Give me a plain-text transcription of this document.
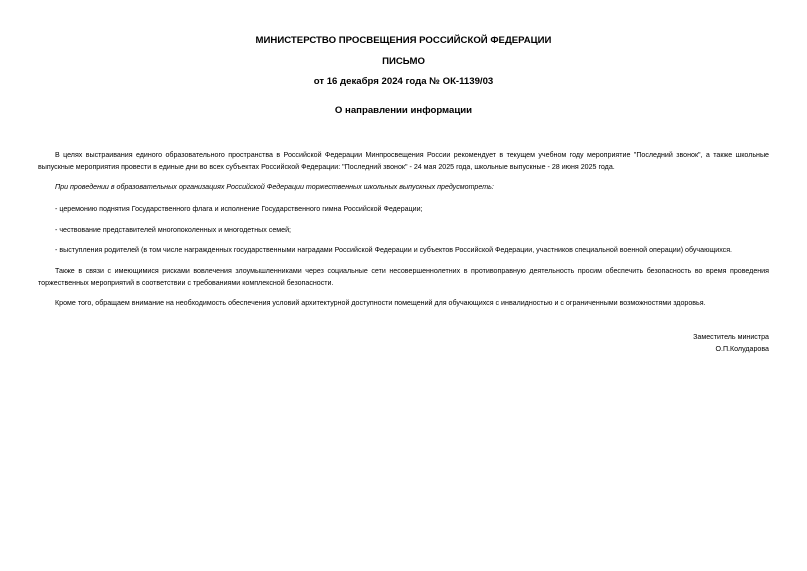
МИНИСТЕРСТВО ПРОСВЕЩЕНИЯ РОССИЙСКОЙ ФЕДЕРАЦИИ
ПИСЬМО
от 16 декабря 2024 года № ОК-1139/03
О направлении информации

В целях выстраивания единого образовательного пространства в Российской Федерации Минпросвещения России рекомендует в текущем учебном году мероприятие "Последний звонок", а также школьные выпускные мероприятия провести в единые дни во всех субъектах Российской Федерации: "Последний звонок" - 24 мая 2025 года, школьные выпускные - 28 июня 2025 года.

При проведении в образовательных организациях Российской Федерации торжественных школьных выпускных предусмотреть:

- церемонию поднятия Государственного флага и исполнение Государственного гимна Российской Федерации;

- чествование представителей многопоколенных и многодетных семей;

- выступления родителей (в том числе награжденных государственными наградами Российской Федерации и субъектов Российской Федерации, участников специальной военной операции) обучающихся.

Также в связи с имеющимися рисками вовлечения злоумышленниками через социальные сети несовершеннолетних в противоправную деятельность просим обеспечить безопасность во время проведения торжественных мероприятий в соответствии с требованиями комплексной безопасности.

Кроме того, обращаем внимание на необходимость обеспечения условий архитектурной доступности помещений для обучающихся с инвалидностью и с ограниченными возможностями здоровья.

Заместитель министра
О.П.Колударова
